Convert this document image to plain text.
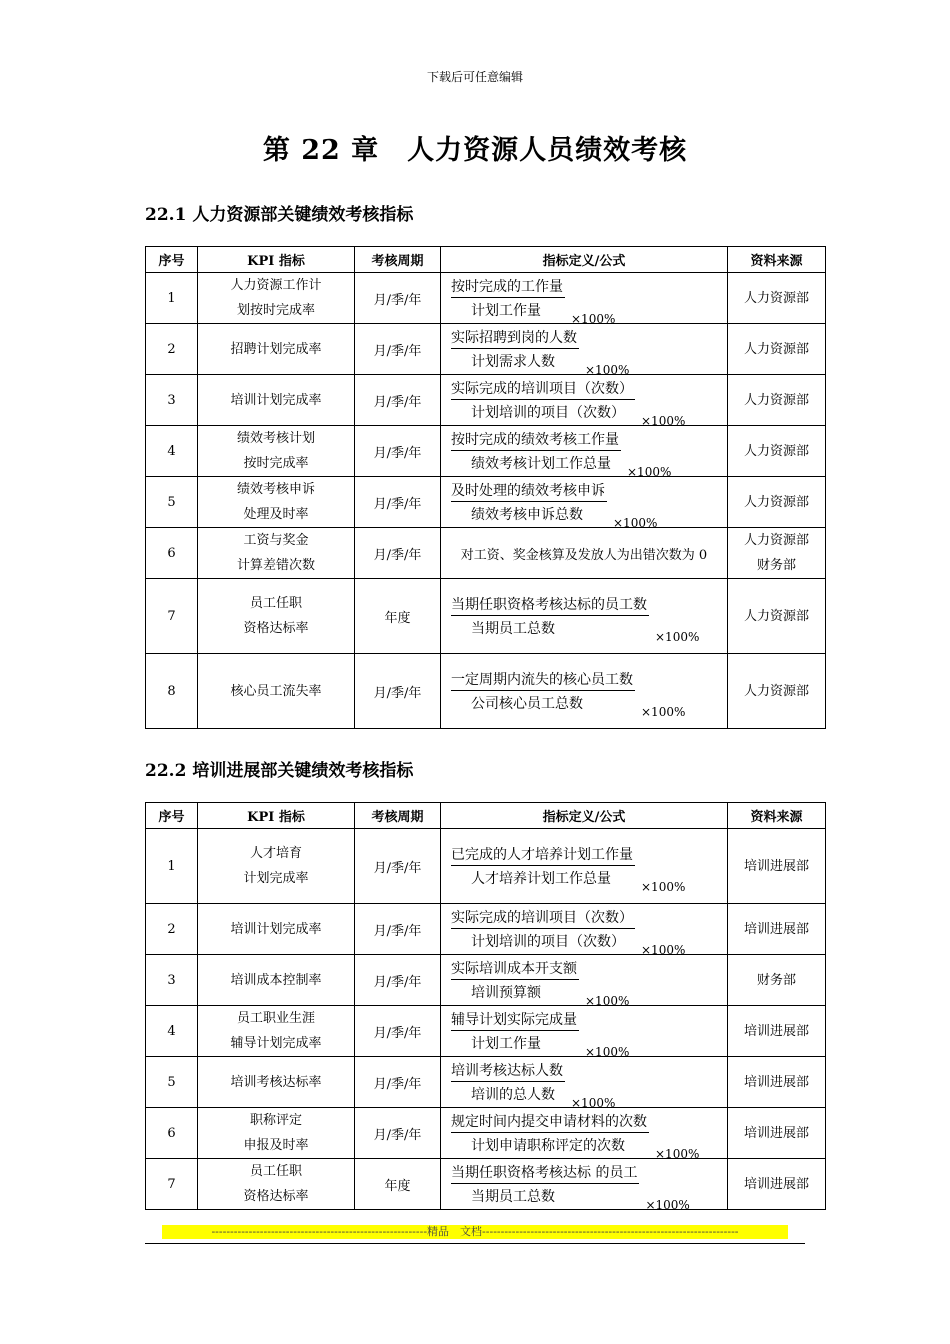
下载后可任意编辑
第 22 章　人力资源人员绩效考核
22.1 人力资源部关键绩效考核指标
序号	KPI 指标	考核周期	指标定义/公式	资料来源
1	人力资源工作计
划按时完成率	月/季/年	$\frac{\text{按时完成的工作量}}{\text{计划工作量}} \times 100\%$	人力资源部
2	招聘计划完成率	月/季/年	$\frac{\text{实际招聘到岗的人数}}{\text{计划需求人数}} \times 100\%$	人力资源部
3	培训计划完成率	月/季/年	$\frac{\text{实际完成的培训项目（次数）}}{\text{计划培训的项目（次数）}} \times 100\%$	人力资源部
4	绩效考核计划
按时完成率	月/季/年	$\frac{\text{按时完成的绩效考核工作量}}{\text{绩效考核计划工作总量}} \times 100\%$	人力资源部
5	绩效考核申诉
处理及时率	月/季/年	$\frac{\text{及时处理的绩效考核申诉}}{\text{绩效考核申诉总数}} \times 100\%$	人力资源部
6	工资与奖金
计算差错次数	月/季/年	对工资、奖金核算及发放人为出错次数为 0	人力资源部
财务部
7	员工任职
资格达标率	年度	$\frac{\text{当期任职资格考核达标的员工数}}{\text{当期员工总数}} \times 100\%$	人力资源部
8	核心员工流失率	月/季/年	$\frac{\text{一定周期内流失的核心员工数}}{\text{公司核心员工总数}} \times 100\%$	人力资源部
22.2 培训进展部关键绩效考核指标
序号	KPI 指标	考核周期	指标定义/公式	资料来源
1	人才培育
计划完成率	月/季/年	$\frac{\text{已完成的人才培养计划工作量}}{\text{人才培养计划工作总量}} \times 100\%$	培训进展部
2	培训计划完成率	月/季/年	$\frac{\text{实际完成的培训项目（次数）}}{\text{计划培训的项目（次数）}} \times 100\%$	培训进展部
3	培训成本控制率	月/季/年	$\frac{\text{实际培训成本开支额}}{\text{培训预算额}} \times 100\%$	财务部
4	员工职业生涯
辅导计划完成率	月/季/年	$\frac{\text{辅导计划实际完成量}}{\text{计划工作量}} \times 100\%$	培训进展部
5	培训考核达标率	月/季/年	$\frac{\text{培训考核达标人数}}{\text{培训的总人数}} \times 100\%$	培训进展部
6	职称评定
申报及时率	月/季/年	$\frac{\text{规定时间内提交申请材料的次数}}{\text{计划申请职称评定的次数}} \times 100\%$	培训进展部
7	员工任职
资格达标率	年度	$\frac{\text{当期任职资格考核达标 的员工}}{\text{当期员工总数}} \times 100\%$	培训进展部
----------------------------------------------------------精品　文档---------------------------------------------------------------------
